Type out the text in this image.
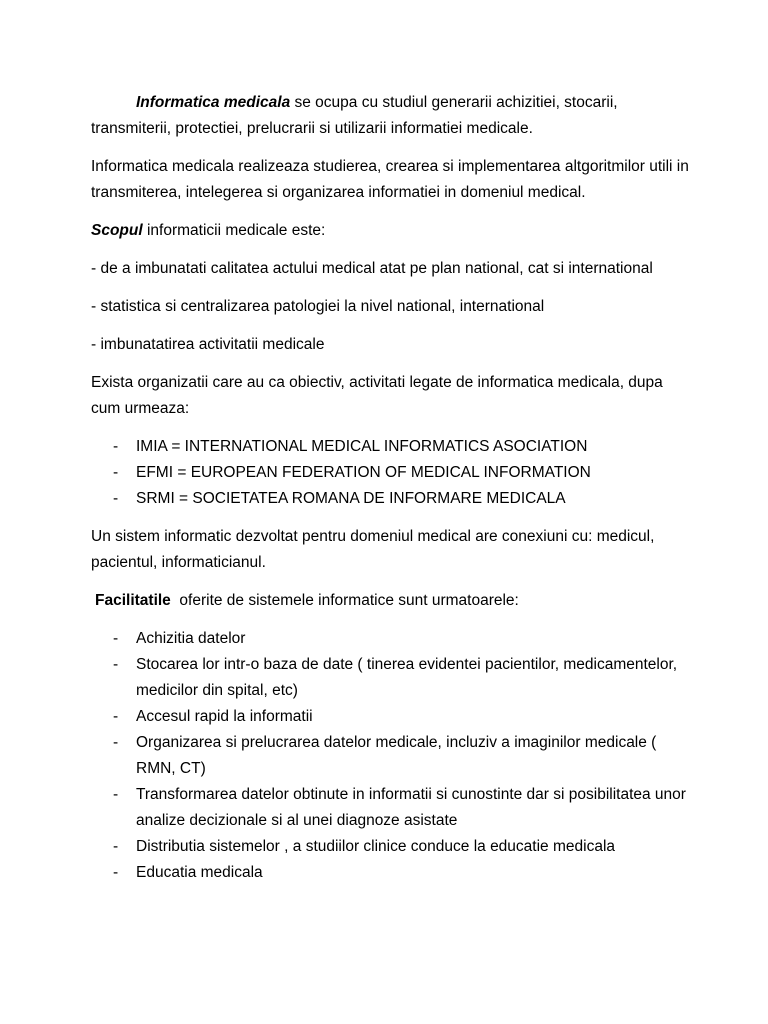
Informatica medicala se ocupa cu studiul generarii achizitiei, stocarii, transmiterii, protectiei, prelucrarii si utilizarii informatiei medicale.

Informatica medicala realizeaza studierea, crearea si implementarea altgoritmilor utili in transmiterea, intelegerea si organizarea informatiei in domeniul medical.

Scopul informaticii medicale este:

- de a imbunatati calitatea actului medical atat pe plan national, cat si international

- statistica si centralizarea patologiei la nivel national, international

- imbunatatirea activitatii medicale

Exista organizatii care au ca obiectiv, activitati legate de informatica medicala, dupa cum urmeaza:

- IMIA = INTERNATIONAL MEDICAL INFORMATICS ASOCIATION
- EFMI = EUROPEAN FEDERATION OF MEDICAL INFORMATION
- SRMI = SOCIETATEA ROMANA DE INFORMARE MEDICALA

Un sistem informatic dezvoltat pentru domeniul medical are conexiuni cu: medicul, pacientul, informaticianul.

Facilitatile  oferite de sistemele informatice sunt urmatoarele:

- Achizitia datelor
- Stocarea lor intr-o baza de date ( tinerea evidentei pacientilor, medicamentelor, medicilor din spital, etc)
- Accesul rapid la informatii
- Organizarea si prelucrarea datelor medicale, incluziv a imaginilor medicale ( RMN, CT)
- Transformarea datelor obtinute in informatii si cunostinte dar si posibilitatea unor analize decizionale si al unei diagnoze asistate
- Distributia sistemelor , a studiilor clinice conduce la educatie medicala
- Educatia medicala
